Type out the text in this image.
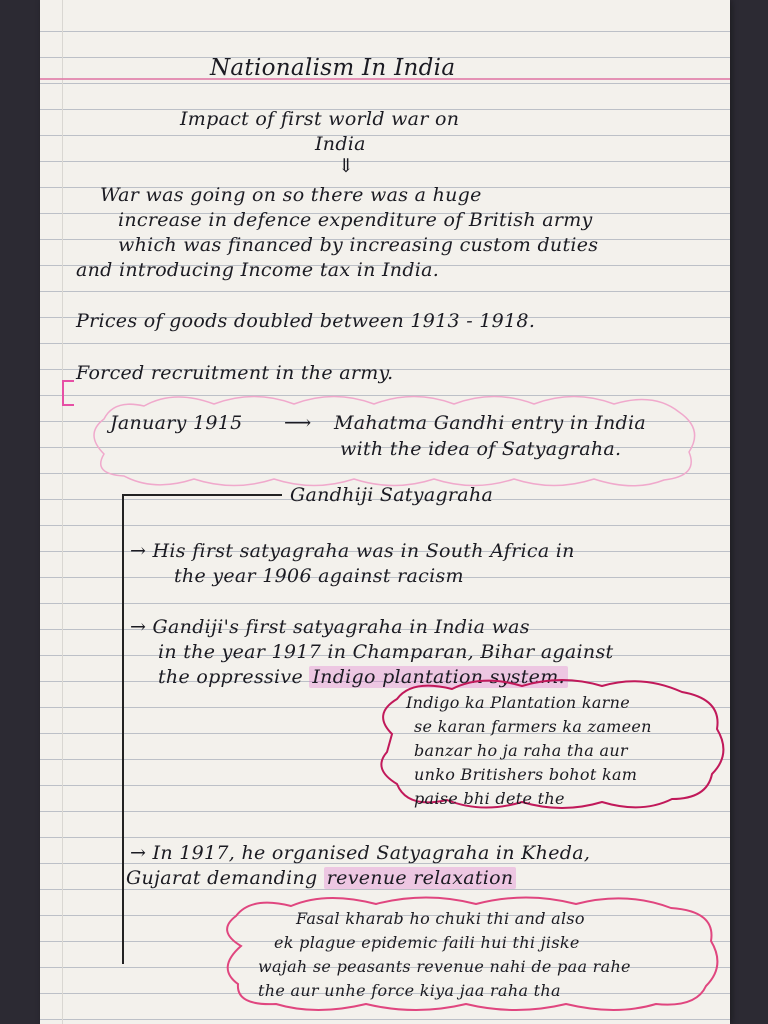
Nationalism In India
Impact of first world war on
India
⇓
War was going on so there was a huge
increase in defence expenditure of British army
which was financed by increasing custom duties
and introducing Income tax in India.
Prices of goods doubled between 1913 - 1918.
Forced recruitment in the army.
January 1915 ⟶ Mahatma Gandhi entry in India
with the idea of Satyagraha.
Gandhiji Satyagraha
→ His first satyagraha was in South Africa in
the year 1906 against racism
→ Gandiji's first satyagraha in India was
in the year 1917 in Champaran, Bihar against
the oppressive Indigo plantation system.
Indigo ka Plantation karne
se karan farmers ka zameen
banzar ho ja raha tha aur
unko Britishers bohot kam
paise bhi dete the
→ In 1917, he organised Satyagraha in Kheda,
Gujarat demanding revenue relaxation
Fasal kharab ho chuki thi and also
ek plague epidemic faili hui thi jiske
wajah se peasants revenue nahi de paa rahe
the aur unhe force kiya jaa raha tha
